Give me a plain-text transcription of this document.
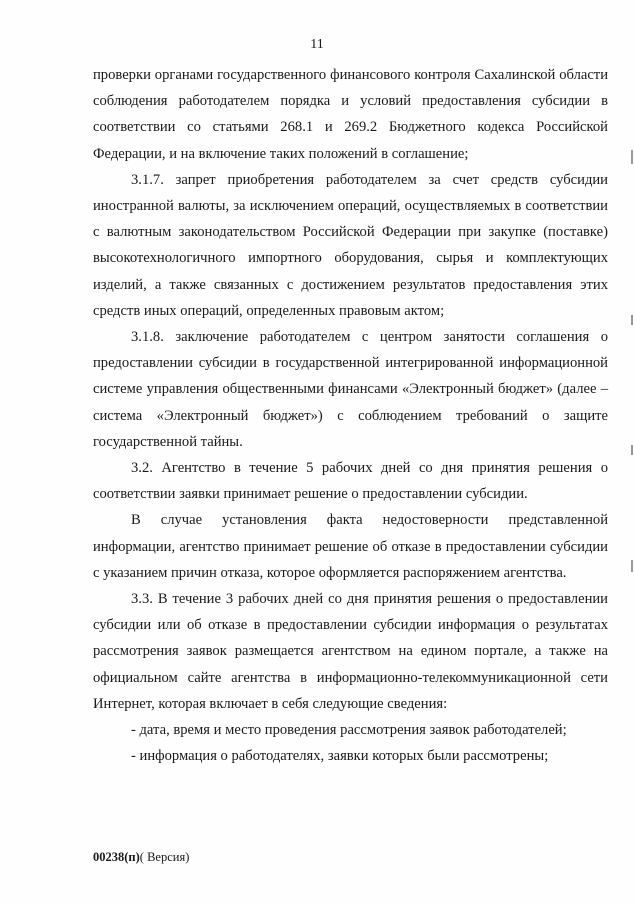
11

проверки органами государственного финансового контроля Сахалинской области соблюдения работодателем порядка и условий предоставления субсидии в соответствии со статьями 268.1 и 269.2 Бюджетного кодекса Российской Федерации, и на включение таких положений в соглашение;

3.1.7. запрет приобретения работодателем за счет средств субсидии иностранной валюты, за исключением операций, осуществляемых в соответствии с валютным законодательством Российской Федерации при закупке (поставке) высокотехнологичного импортного оборудования, сырья и комплектующих изделий, а также связанных с достижением результатов предоставления этих средств иных операций, определенных правовым актом;

3.1.8. заключение работодателем с центром занятости соглашения о предоставлении субсидии в государственной интегрированной информационной системе управления общественными финансами «Электронный бюджет» (далее – система «Электронный бюджет») с соблюдением требований о защите государственной тайны.

3.2. Агентство в течение 5 рабочих дней со дня принятия решения о соответствии заявки принимает решение о предоставлении субсидии.

В случае установления факта недостоверности представленной информации, агентство принимает решение об отказе в предоставлении субсидии с указанием причин отказа, которое оформляется распоряжением агентства.

3.3. В течение 3 рабочих дней со дня принятия решения о предоставлении субсидии или об отказе в предоставлении субсидии информация о результатах рассмотрения заявок размещается агентством на едином портале, а также на официальном сайте агентства в информационно-телекоммуникационной сети Интернет, которая включает в себя следующие сведения:

- дата, время и место проведения рассмотрения заявок работодателей;

- информация о работодателях, заявки которых были рассмотрены;

00238(п)( Версия)
